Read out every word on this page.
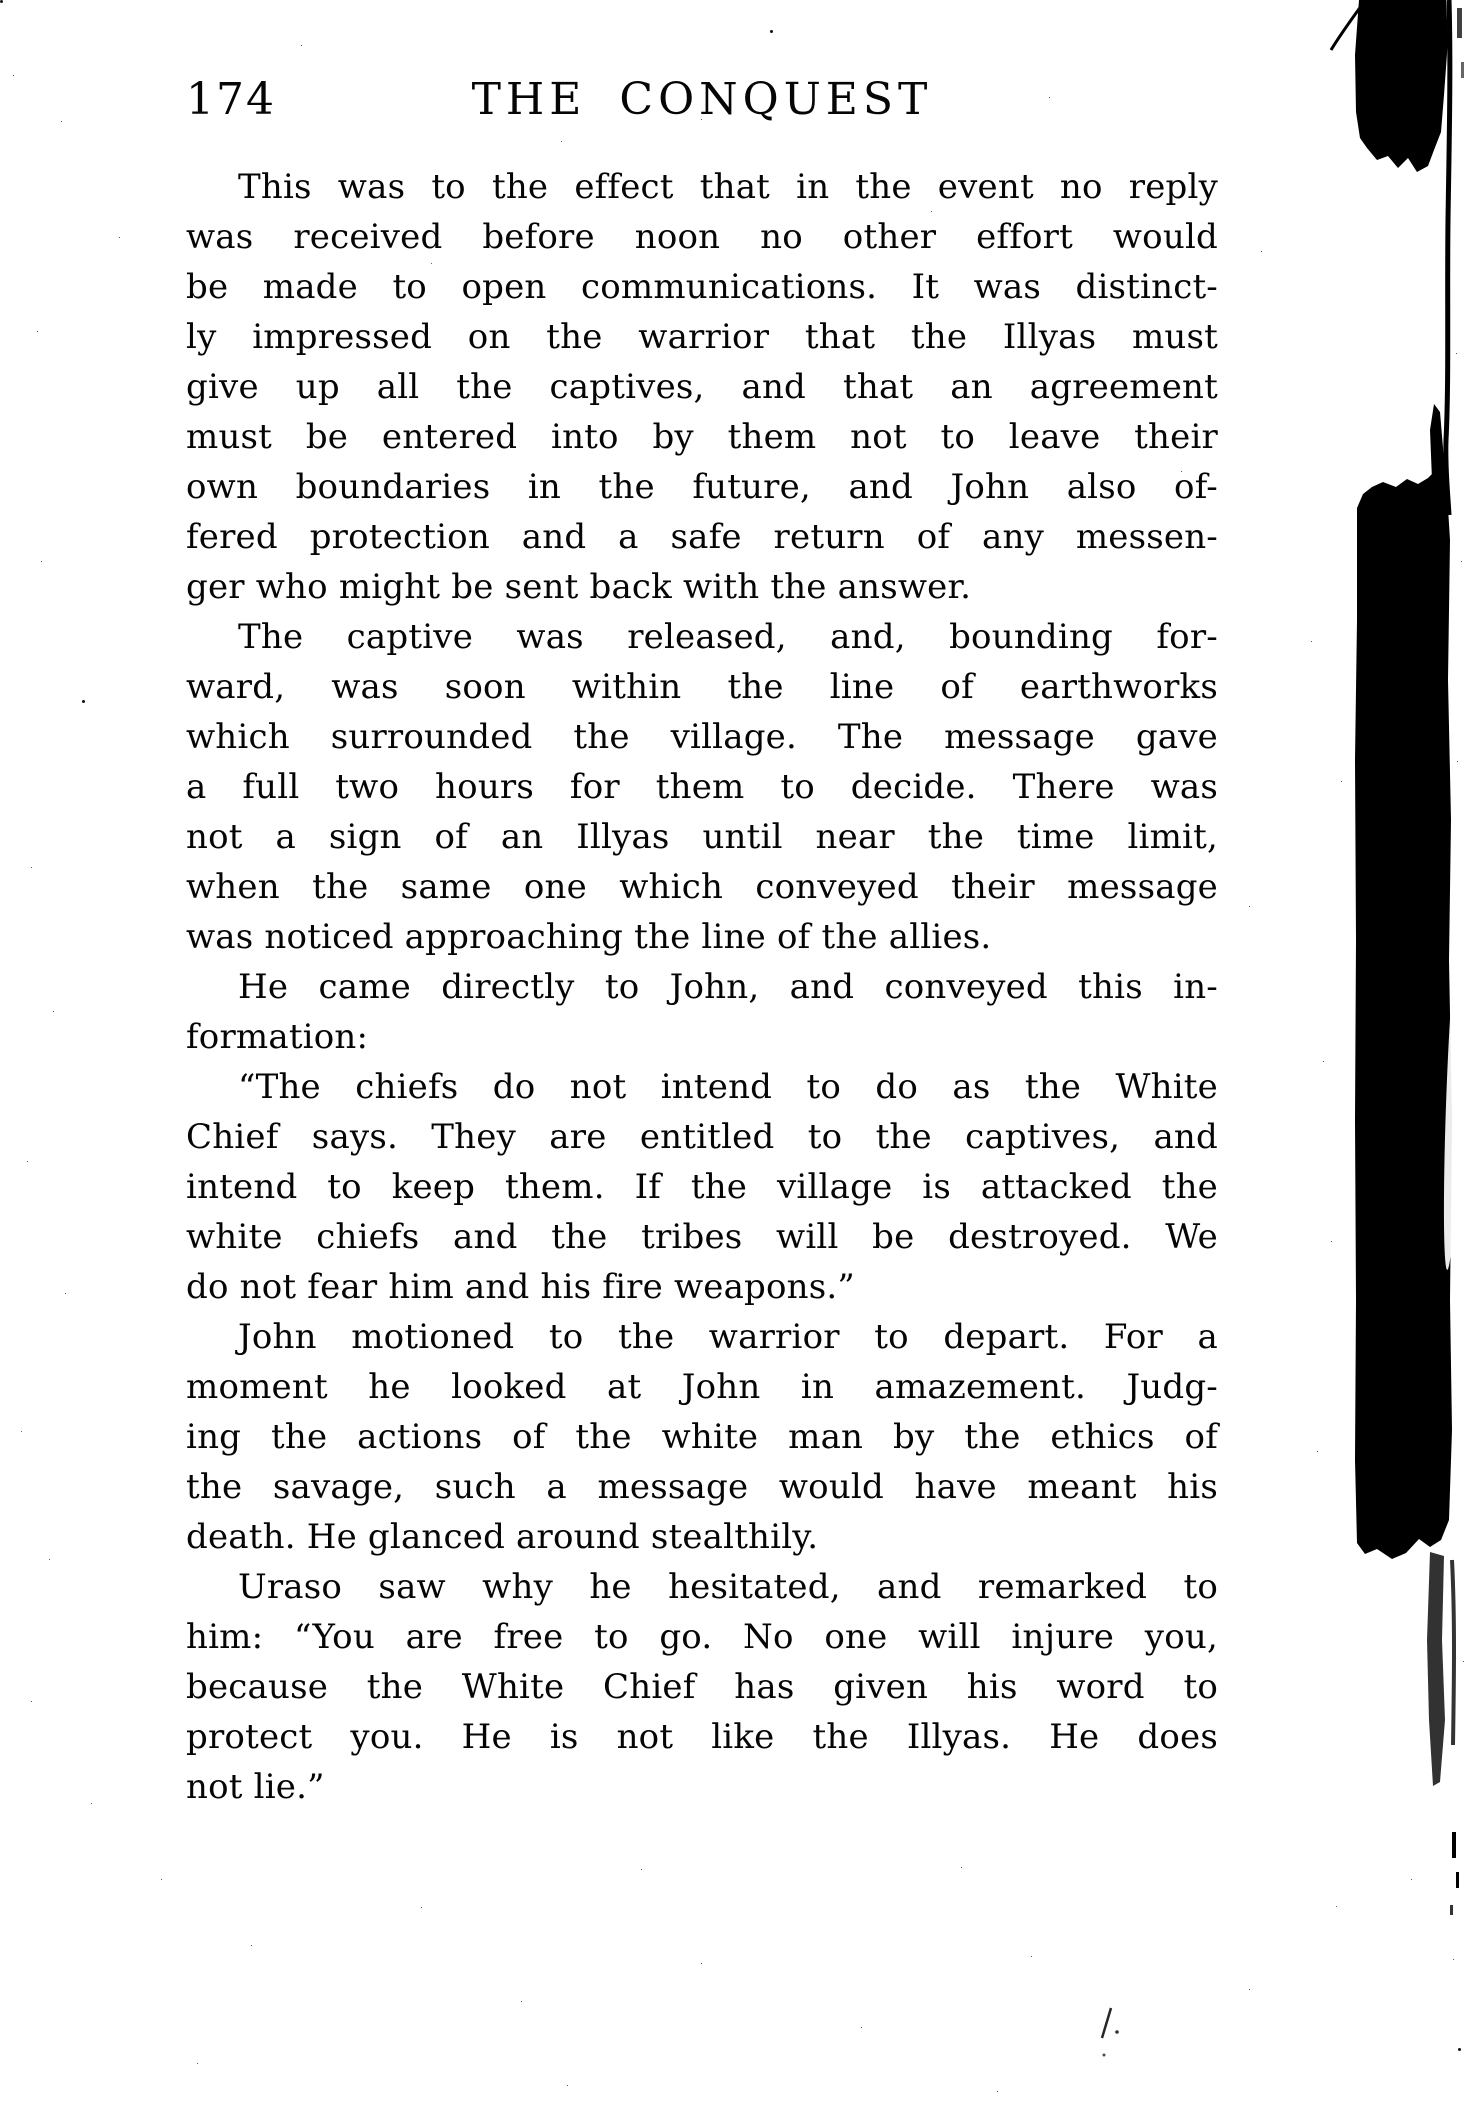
174	THE CONQUEST
This was to the effect that in the event no reply
was received before noon no other effort would
be made to open communications. It was distinct-
ly impressed on the warrior that the Illyas must
give up all the captives, and that an agreement
must be entered into by them not to leave their
own boundaries in the future, and John also of-
fered protection and a safe return of any messen-
ger who might be sent back with the answer.
The captive was released, and, bounding for-
ward, was soon within the line of earthworks
which surrounded the village. The message gave
a full two hours for them to decide. There was
not a sign of an Illyas until near the time limit,
when the same one which conveyed their message
was noticed approaching the line of the allies.
He came directly to John, and conveyed this in-
formation:
“The chiefs do not intend to do as the White
Chief says. They are entitled to the captives, and
intend to keep them. If the village is attacked the
white chiefs and the tribes will be destroyed. We
do not fear him and his fire weapons.”
John motioned to the warrior to depart. For a
moment he looked at John in amazement. Judg-
ing the actions of the white man by the ethics of
the savage, such a message would have meant his
death. He glanced around stealthily.
Uraso saw why he hesitated, and remarked to
him: “You are free to go. No one will injure you,
because the White Chief has given his word to
protect you. He is not like the Illyas. He does
not lie.”
